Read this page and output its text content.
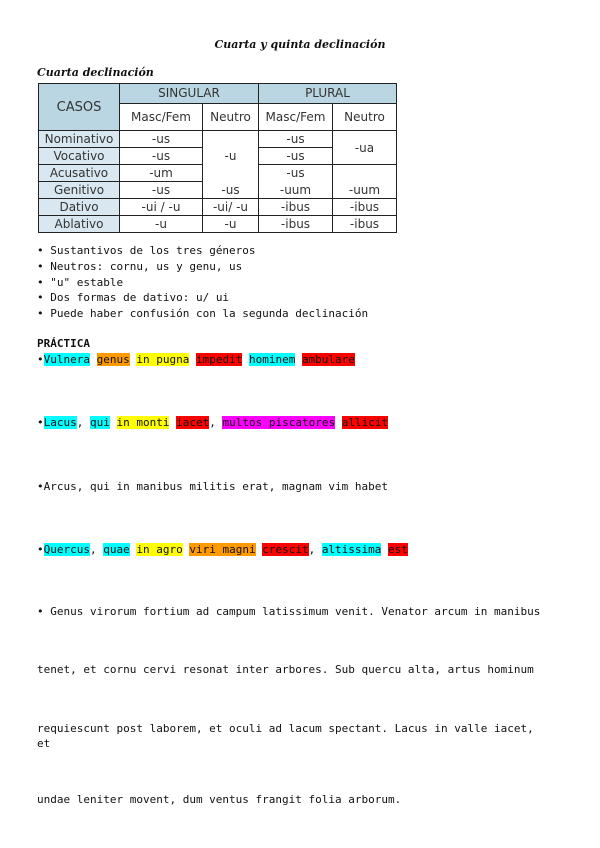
Cuarta y quinta declinación
Cuarta declinación
CASOS	SINGULAR		PLURAL	
	Masc/Fem	Neutro	Masc/Fem	Neutro
Nominativo	-us	-u	-us	-ua
Vocativo	-us		-us	
Acusativo	-um		-us	
Genitivo	-us	-us	-uum	-uum
Dativo	-ui / -u	-ui/ -u	-ibus	-ibus
Ablativo	-u	-u	-ibus	-ibus
• Sustantivos de los tres géneros
• Neutros: cornu, us y genu, us
• "u" estable
• Dos formas de dativo: u/ ui
• Puede haber confusión con la segunda declinación
PRÁCTICA
• Vulnera genus in pugna impedit hominem ambulare
• Lacus, qui in monti iacet, multos piscatores allicit
• Arcus, qui in manibus militis erat, magnam vim habet
• Quercus, quae in agro viri magni crescit, altissima est
• Genus virorum fortium ad campum latissimum venit. Venator arcum in manibus
tenet, et cornu cervi resonat inter arbores. Sub quercu alta, artus hominum
requiescunt post laborem, et oculi ad lacum spectant. Lacus in valle iacet,
et
undae leniter movent, dum ventus frangit folia arborum.
